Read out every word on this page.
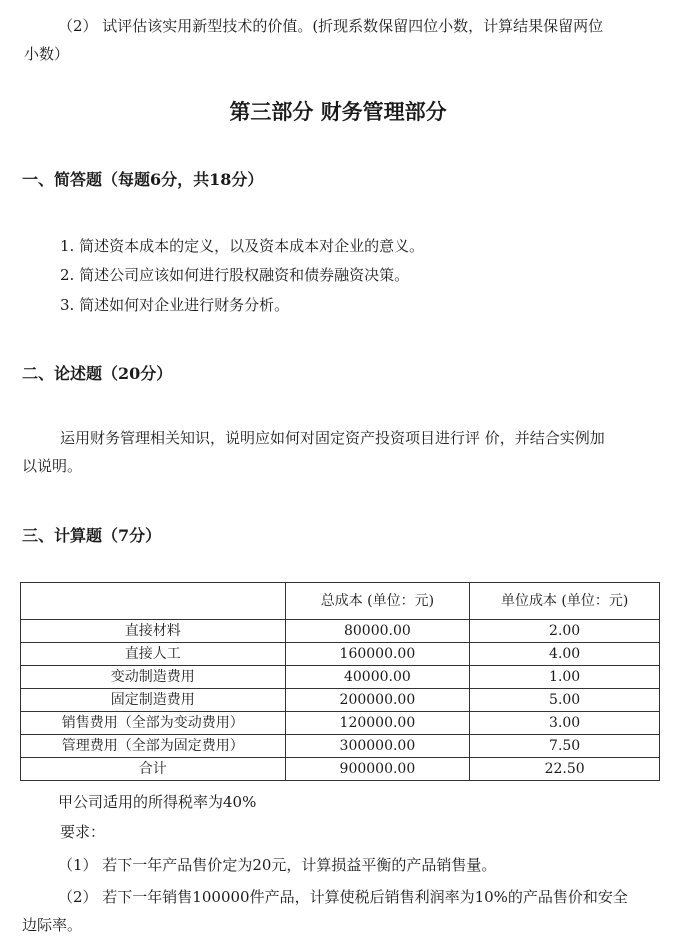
（2） 试评估该实用新型技术的价值。(折现系数保留四位小数，计算结果保留两位

小数）

第三部分 财务管理部分

一、简答题（每题6分，共18分）

1. 简述资本成本的定义，以及资本成本对企业的意义。

2. 简述公司应该如何进行股权融资和债券融资决策。

3. 简述如何对企业进行财务分析。

二、论述题（20分）

运用财务管理相关知识，说明应如何对固定资产投资项目进行评 价，并结合实例加

以说明。

三、计算题（7分）

	总成本 (单位：元)	单位成本 (单位：元)
直接材料	80000.00	2.00
直接人工	160000.00	4.00
变动制造费用	40000.00	1.00
固定制造费用	200000.00	5.00
销售费用（全部为变动费用）	120000.00	3.00
管理费用（全部为固定费用）	300000.00	7.50
合计	900000.00	22.50

甲公司适用的所得税率为40%

要求：

（1） 若下一年产品售价定为20元，计算损益平衡的产品销售量。

（2） 若下一年销售100000件产品，计算使税后销售利润率为10%的产品售价和安全

边际率。
